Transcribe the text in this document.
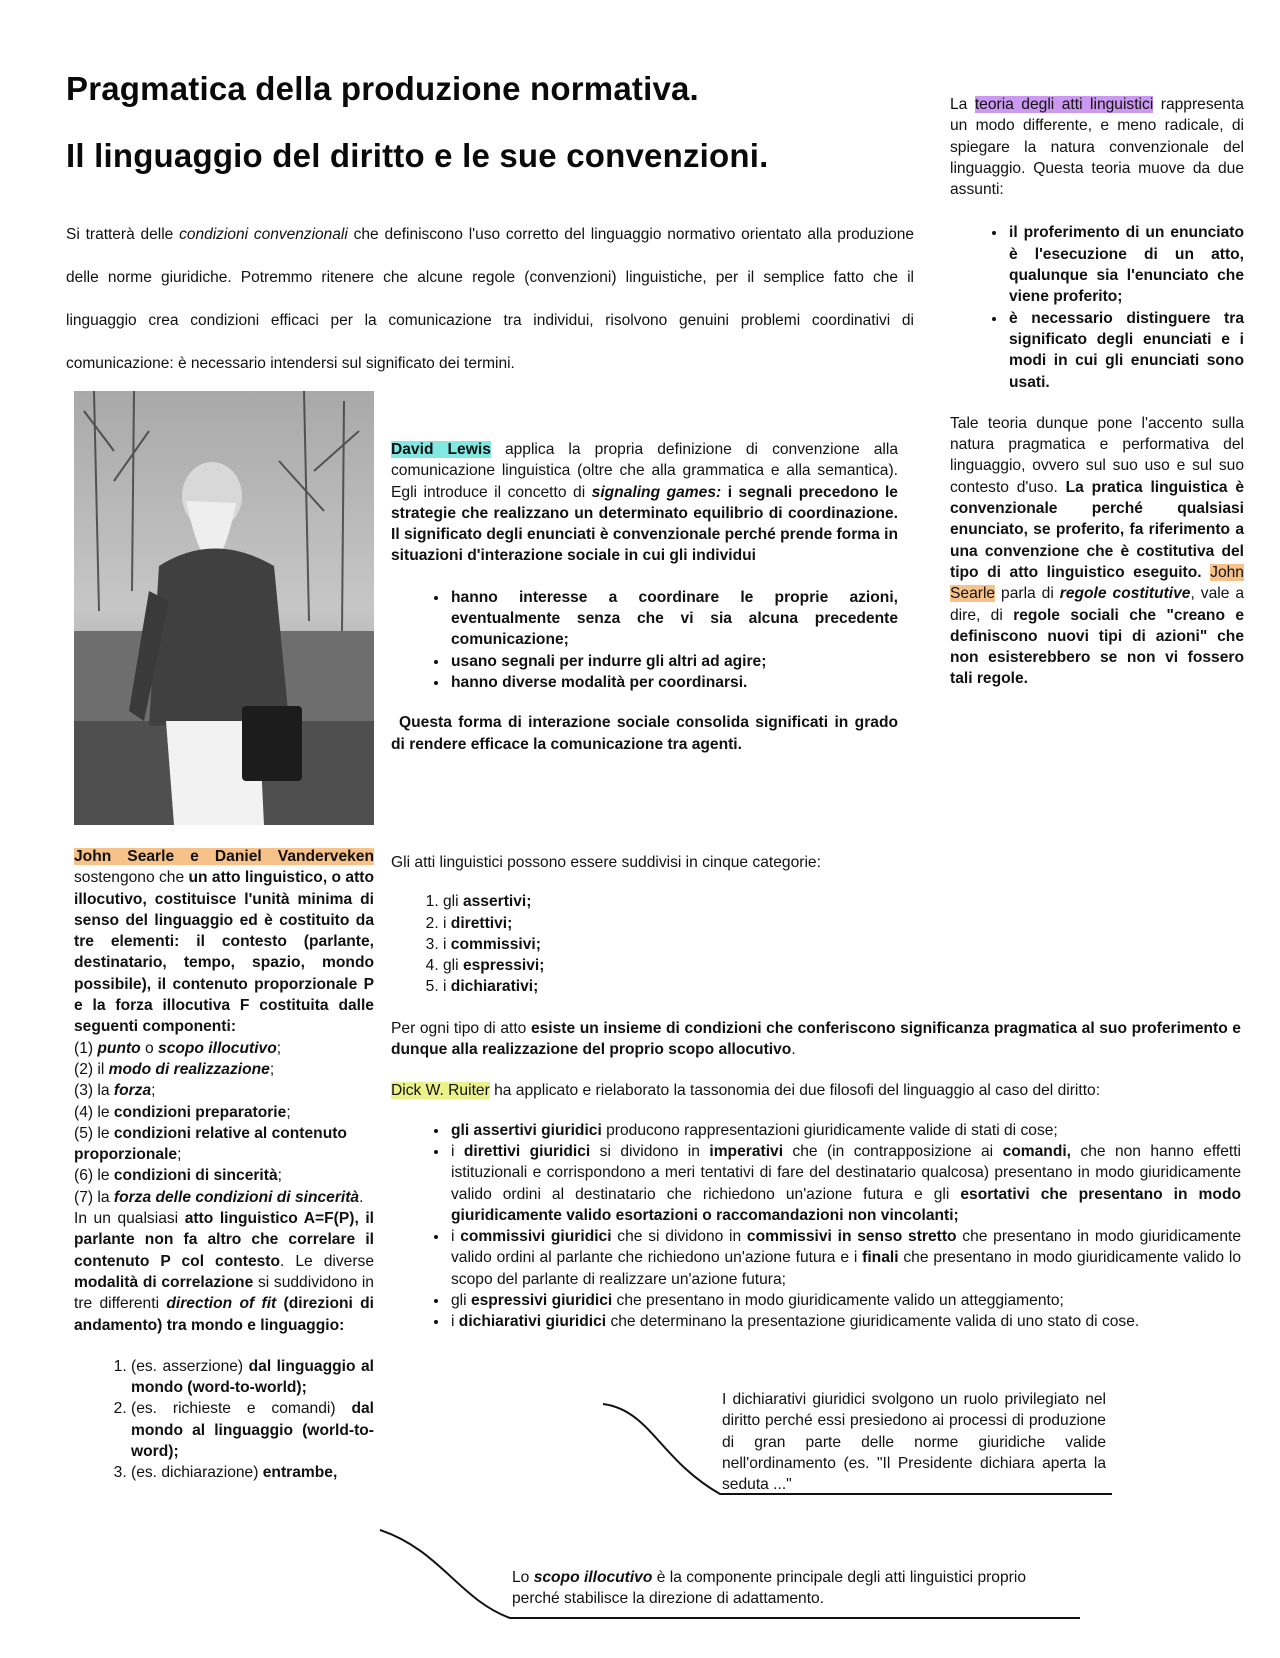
Pragmatica della produzione normativa.
Il linguaggio del diritto e le sue convenzioni.
Si tratterà delle condizioni convenzionali che definiscono l'uso corretto del linguaggio normativo orientato alla produzione delle norme giuridiche. Potremmo ritenere che alcune regole (convenzioni) linguistiche, per il semplice fatto che il linguaggio crea condizioni efficaci per la comunicazione tra individui, risolvono genuini problemi coordinativi di comunicazione: è necessario intendersi sul significato dei termini.
La teoria degli atti linguistici rappresenta un modo differente, e meno radicale, di spiegare la natura convenzionale del linguaggio. Questa teoria muove da due assunti:
• il proferimento di un enunciato è l'esecuzione di un atto, qualunque sia l'enunciato che viene proferito;
• è necessario distinguere tra significato degli enunciati e i modi in cui gli enunciati sono usati.
Tale teoria dunque pone l'accento sulla natura pragmatica e performativa del linguaggio, ovvero sul suo uso e sul suo contesto d'uso. La pratica linguistica è convenzionale perché qualsiasi enunciato, se proferito, fa riferimento a una convenzione che è costitutiva del tipo di atto linguistico eseguito. John Searle parla di regole costitutive, vale a dire, di regole sociali che "creano e definiscono nuovi tipi di azioni" che non esisterebbero se non vi fossero tali regole.
David Lewis applica la propria definizione di convenzione alla comunicazione linguistica (oltre che alla grammatica e alla semantica). Egli introduce il concetto di signaling games: i segnali precedono le strategie che realizzano un determinato equilibrio di coordinazione. Il significato degli enunciati è convenzionale perché prende forma in situazioni d'interazione sociale in cui gli individui
• hanno interesse a coordinare le proprie azioni, eventualmente senza che vi sia alcuna precedente comunicazione;
• usano segnali per indurre gli altri ad agire;
• hanno diverse modalità per coordinarsi.
Questa forma di interazione sociale consolida significati in grado di rendere efficace la comunicazione tra agenti.
John Searle e Daniel Vanderveken sostengono che un atto linguistico, o atto illocutivo, costituisce l'unità minima di senso del linguaggio ed è costituito da tre elementi: il contesto (parlante, destinatario, tempo, spazio, mondo possibile), il contenuto proporzionale P e la forza illocutiva F costituita dalle seguenti componenti:
(1) punto o scopo illocutivo;
(2) il modo di realizzazione;
(3) la forza;
(4) le condizioni preparatorie;
(5) le condizioni relative al contenuto proporzionale;
(6) le condizioni di sincerità;
(7) la forza delle condizioni di sincerità.
In un qualsiasi atto linguistico A=F(P), il parlante non fa altro che correlare il contenuto P col contesto. Le diverse modalità di correlazione si suddividono in tre differenti direction of fit (direzioni di andamento) tra mondo e linguaggio:
1. (es. asserzione) dal linguaggio al mondo (word-to-world);
2. (es. richieste e comandi) dal mondo al linguaggio (world-to-word);
3. (es. dichiarazione) entrambe,
Gli atti linguistici possono essere suddivisi in cinque categorie:
1. gli assertivi;
2. i direttivi;
3. i commissivi;
4. gli espressivi;
5. i dichiarativi;
Per ogni tipo di atto esiste un insieme di condizioni che conferiscono significanza pragmatica al suo proferimento e dunque alla realizzazione del proprio scopo allocutivo.
Dick W. Ruiter ha applicato e rielaborato la tassonomia dei due filosofi del linguaggio al caso del diritto:
• gli assertivi giuridici producono rappresentazioni giuridicamente valide di stati di cose;
• i direttivi giuridici si dividono in imperativi che (in contrapposizione ai comandi, che non hanno effetti istituzionali e corrispondono a meri tentativi di fare del destinatario qualcosa) presentano in modo giuridicamente valido ordini al destinatario che richiedono un'azione futura e gli esortativi che presentano in modo giuridicamente valido esortazioni o raccomandazioni non vincolanti;
• i commissivi giuridici che si dividono in commissivi in senso stretto che presentano in modo giuridicamente valido ordini al parlante che richiedono un'azione futura e i finali che presentano in modo giuridicamente valido lo scopo del parlante di realizzare un'azione futura;
• gli espressivi giuridici che presentano in modo giuridicamente valido un atteggiamento;
• i dichiarativi giuridici che determinano la presentazione giuridicamente valida di uno stato di cose.
I dichiarativi giuridici svolgono un ruolo privilegiato nel diritto perché essi presiedono ai processi di produzione di gran parte delle norme giuridiche valide nell'ordinamento (es. "Il Presidente dichiara aperta la seduta ..."
Lo scopo illocutivo è la componente principale degli atti linguistici proprio perché stabilisce la direzione di adattamento.
